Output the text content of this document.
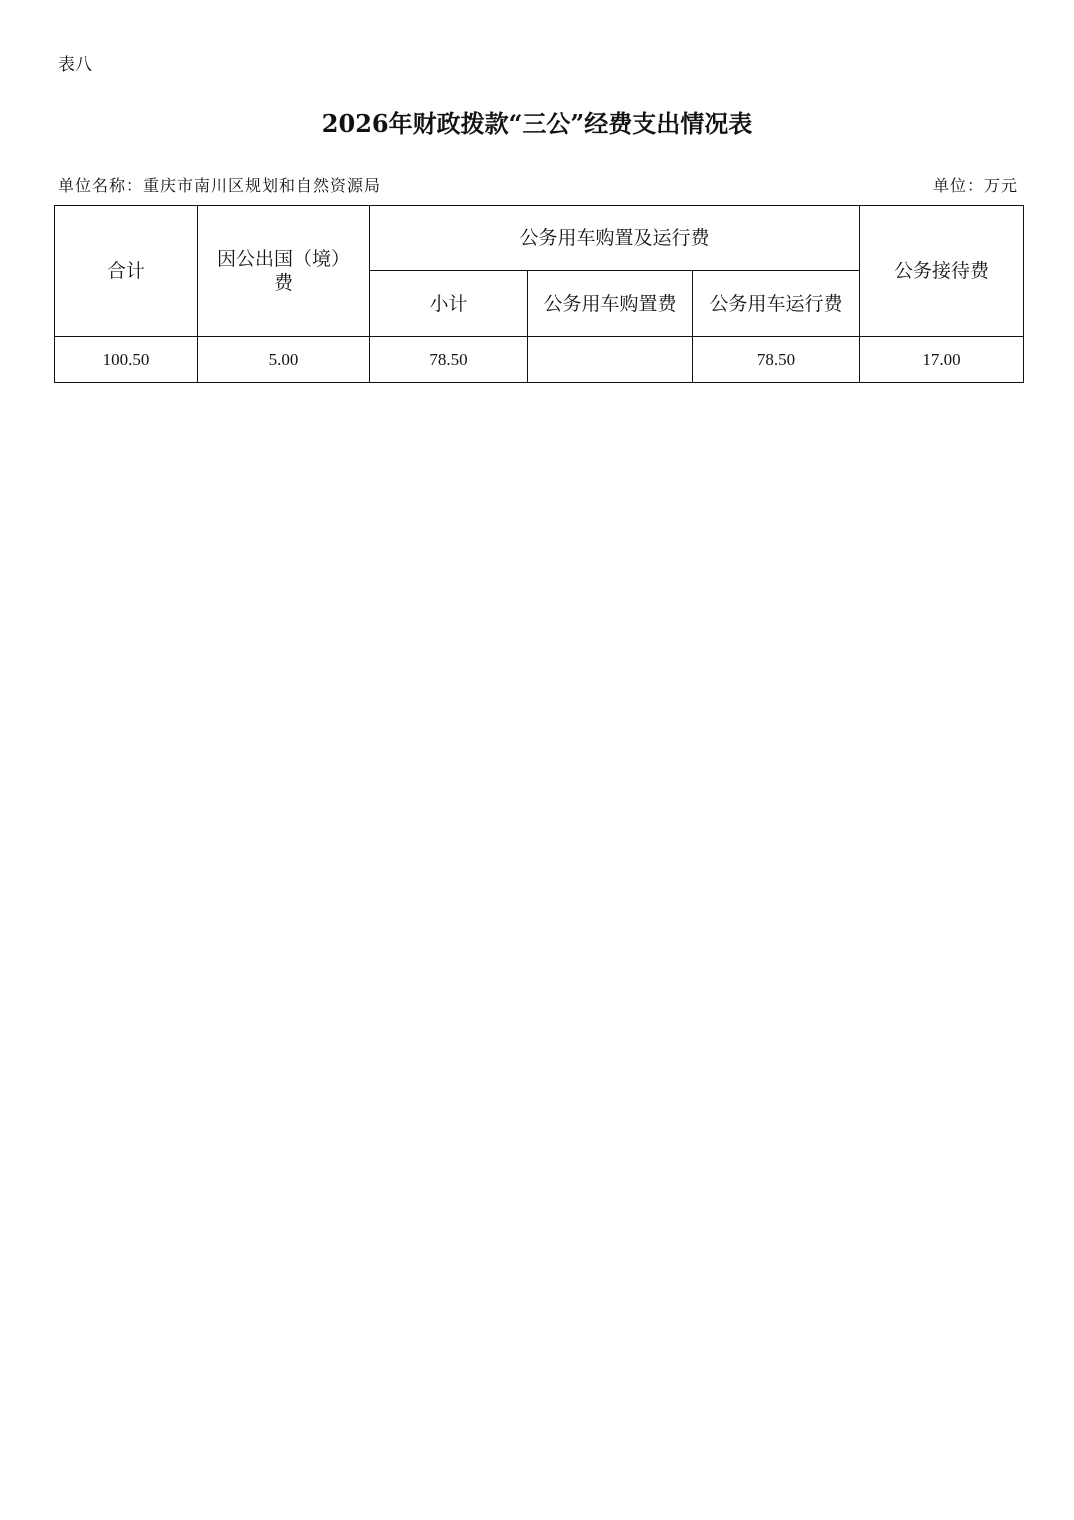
表八
2026年财政拨款“三公”经费支出情况表
单位名称：重庆市南川区规划和自然资源局	单位：万元
合计	因公出国（境）费	公务用车购置及运行费			公务接待费
		小计	公务用车购置费	公务用车运行费	
100.50	5.00	78.50		78.50	17.00
